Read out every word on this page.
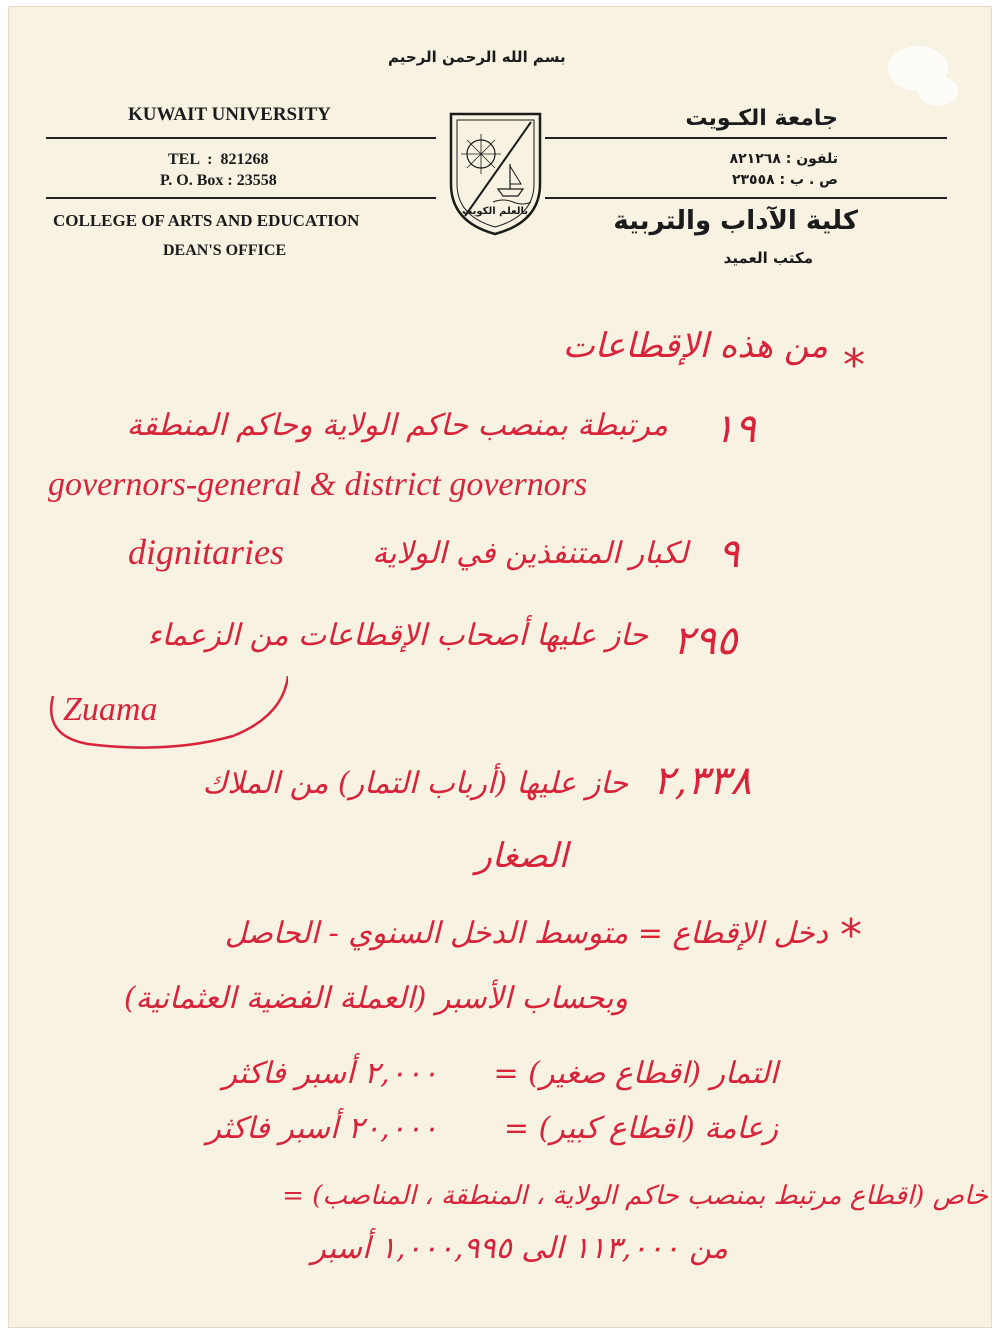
بسم الله الرحمن الرحيم
KUWAIT UNIVERSITY	جامعة الكـويت
TEL  :  821268
P. O. Box : 23558
تلفون : ٨٢١٢٦٨
ص . ب : ٢٣٥٥٨
COLLEGE OF ARTS AND EDUCATION
DEAN'S OFFICE
كلية الآداب والتربية
مكتب العميد
بالعلم الكويت
*
من هذه الإقطاعات
١٩
مرتبطة بمنصب حاكم الولاية وحاكم المنطقة
governors-general & district governors
٩
لكبار المتنفذين في الولاية
dignitaries
٢٩٥
حاز عليها أصحاب الإقطاعات من الزعماء
Zuama
٢,٣٣٨
حاز عليها (أرباب التمار) من الملاك
الصغار
*
دخل الإقطاع = متوسط الدخل السنوي - الحاصل
وبحساب الأسبر (العملة الفضية العثمانية)
التمار (اقطاع صغير) =
٢,٠٠٠ أسبر فاكثر
زعامة (اقطاع كبير) =
٢٠,٠٠٠ أسبر فاكثر
خاص (اقطاع مرتبط بمنصب حاكم الولاية ، المنطقة ، المناصب) =
من ١١٣,٠٠٠ الى ١,٠٠٠,٩٩٥ أسبر
